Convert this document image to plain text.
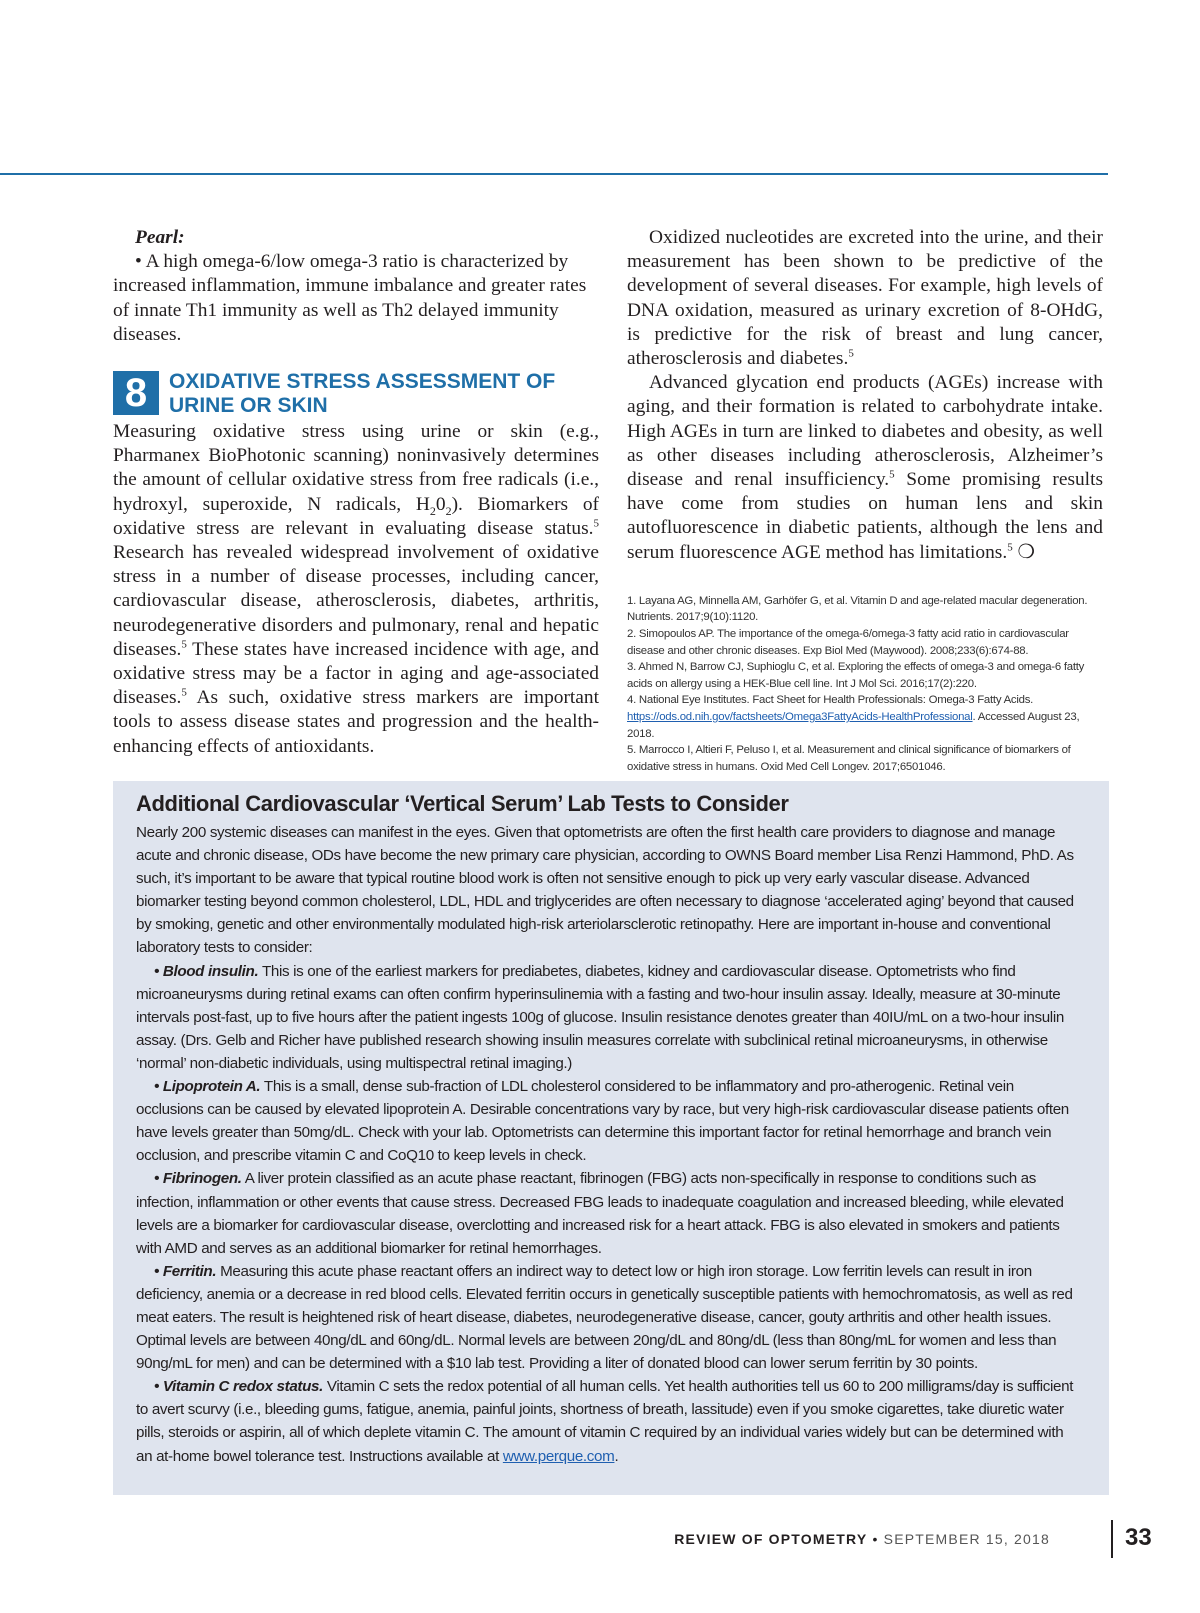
Pearl:

• A high omega-6/low omega-3 ratio is characterized by increased inflammation, immune imbalance and greater rates of innate Th1 immunity as well as Th2 delayed immunity diseases.

8	OXIDATIVE STRESS ASSESSMENT OF
URINE OR SKIN

Measuring oxidative stress using urine or skin (e.g., Pharmanex BioPhotonic scanning) noninvasively determines the amount of cellular oxidative stress from free radicals (i.e., hydroxyl, superoxide, N radicals, $H_20_2$). Biomarkers of oxidative stress are relevant in evaluating disease status.$^5$ Research has revealed widespread involvement of oxidative stress in a number of disease processes, including cancer, cardiovascular disease, atherosclerosis, diabetes, arthritis, neurodegenerative disorders and pulmonary, renal and hepatic diseases.$^5$ These states have increased incidence with age, and oxidative stress may be a factor in aging and age-associated diseases.$^5$ As such, oxidative stress markers are important tools to assess disease states and progression and the health-enhancing effects of antioxidants.

Oxidized nucleotides are excreted into the urine, and their measurement has been shown to be predictive of the development of several diseases. For example, high levels of DNA oxidation, measured as urinary excretion of 8-OHdG, is predictive for the risk of breast and lung cancer, atherosclerosis and diabetes.$^5$

Advanced glycation end products (AGEs) increase with aging, and their formation is related to carbohydrate intake. High AGEs in turn are linked to diabetes and obesity, as well as other diseases including atherosclerosis, Alzheimer’s disease and renal insufficiency.$^5$ Some promising results have come from studies on human lens and skin autofluorescence in diabetic patients, although the lens and serum fluorescence AGE method has limitations.$^5$ ❍

1. Layana AG, Minnella AM, Garhöfer G, et al. Vitamin D and age-related macular degeneration. Nutrients. 2017;9(10):1120.
2. Simopoulos AP. The importance of the omega-6/omega-3 fatty acid ratio in cardiovascular disease and other chronic diseases. Exp Biol Med (Maywood). 2008;233(6):674-88.
3. Ahmed N, Barrow CJ, Suphioglu C, et al. Exploring the effects of omega-3 and omega-6 fatty acids on allergy using a HEK-Blue cell line. Int J Mol Sci. 2016;17(2):220.
4. National Eye Institutes. Fact Sheet for Health Professionals: Omega-3 Fatty Acids. https://ods.od.nih.gov/factsheets/Omega3FattyAcids-HealthProfessional. Accessed August 23, 2018.
5. Marrocco I, Altieri F, Peluso I, et al. Measurement and clinical significance of biomarkers of oxidative stress in humans. Oxid Med Cell Longev. 2017;6501046.
Additional Cardiovascular ‘Vertical Serum’ Lab Tests to Consider

Nearly 200 systemic diseases can manifest in the eyes. Given that optometrists are often the first health care providers to diagnose and manage acute and chronic disease, ODs have become the new primary care physician, according to OWNS Board member Lisa Renzi Hammond, PhD. As such, it’s important to be aware that typical routine blood work is often not sensitive enough to pick up very early vascular disease. Advanced biomarker testing beyond common cholesterol, LDL, HDL and triglycerides are often necessary to diagnose ‘accelerated aging’ beyond that caused by smoking, genetic and other environmentally modulated high-risk arteriolarsclerotic retinopathy. Here are important in-house and conventional laboratory tests to consider:

• Blood insulin. This is one of the earliest markers for prediabetes, diabetes, kidney and cardiovascular disease. Optometrists who find microaneurysms during retinal exams can often confirm hyperinsulinemia with a fasting and two-hour insulin assay. Ideally, measure at 30-minute intervals post-fast, up to five hours after the patient ingests 100g of glucose. Insulin resistance denotes greater than 40IU/mL on a two-hour insulin assay. (Drs. Gelb and Richer have published research showing insulin measures correlate with subclinical retinal microaneurysms, in otherwise ‘normal’ non-diabetic individuals, using multispectral retinal imaging.)

• Lipoprotein A. This is a small, dense sub-fraction of LDL cholesterol considered to be inflammatory and pro-atherogenic. Retinal vein occlusions can be caused by elevated lipoprotein A. Desirable concentrations vary by race, but very high-risk cardiovascular disease patients often have levels greater than 50mg/dL. Check with your lab. Optometrists can determine this important factor for retinal hemorrhage and branch vein occlusion, and prescribe vitamin C and CoQ10 to keep levels in check.

• Fibrinogen. A liver protein classified as an acute phase reactant, fibrinogen (FBG) acts non-specifically in response to conditions such as infection, inflammation or other events that cause stress. Decreased FBG leads to inadequate coagulation and increased bleeding, while elevated levels are a biomarker for cardiovascular disease, overclotting and increased risk for a heart attack. FBG is also elevated in smokers and patients with AMD and serves as an additional biomarker for retinal hemorrhages.

• Ferritin. Measuring this acute phase reactant offers an indirect way to detect low or high iron storage. Low ferritin levels can result in iron deficiency, anemia or a decrease in red blood cells. Elevated ferritin occurs in genetically susceptible patients with hemochromatosis, as well as red meat eaters. The result is heightened risk of heart disease, diabetes, neurodegenerative disease, cancer, gouty arthritis and other health issues. Optimal levels are between 40ng/dL and 60ng/dL. Normal levels are between 20ng/dL and 80ng/dL (less than 80ng/mL for women and less than 90ng/mL for men) and can be determined with a $10 lab test. Providing a liter of donated blood can lower serum ferritin by 30 points.

• Vitamin C redox status. Vitamin C sets the redox potential of all human cells. Yet health authorities tell us 60 to 200 milligrams/day is sufficient to avert scurvy (i.e., bleeding gums, fatigue, anemia, painful joints, shortness of breath, lassitude) even if you smoke cigarettes, take diuretic water pills, steroids or aspirin, all of which deplete vitamin C. The amount of vitamin C required by an individual varies widely but can be determined with an at-home bowel tolerance test. Instructions available at www.perque.com.

REVIEW OF OPTOMETRY • SEPTEMBER 15, 2018	33
